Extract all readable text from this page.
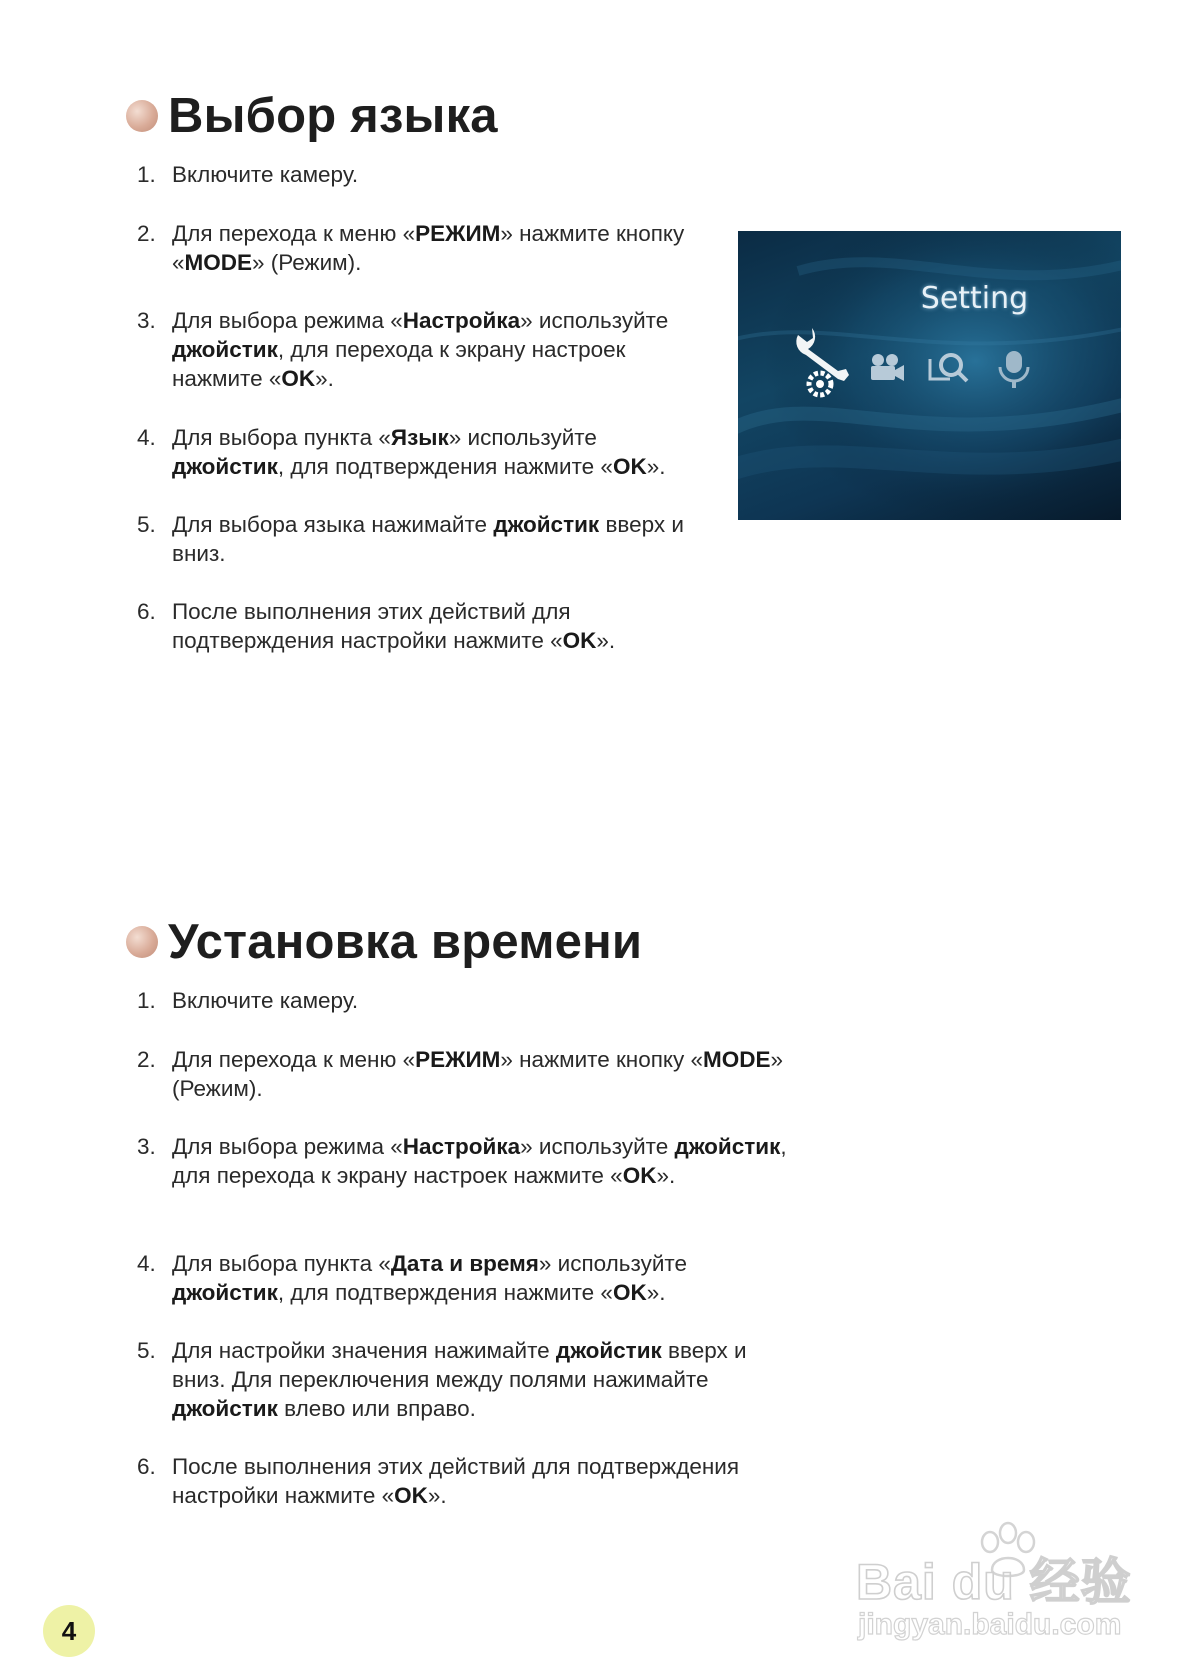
Выбор языка
1. Включите камеру.
2. Для перехода к меню «РЕЖИМ» нажмите кнопку «MODE» (Режим).
3. Для выбора режима «Настройка» используйте джойстик, для перехода к экрану настроек нажмите «OK».
4. Для выбора пункта «Язык» используйте джойстик, для подтверждения нажмите «OK».
5. Для выбора языка нажимайте джойстик вверх и вниз.
6. После выполнения этих действий для подтверждения настройки нажмите «OK».
Setting
Установка времени
1. Включите камеру.
2. Для перехода к меню «РЕЖИМ» нажмите кнопку «MODE» (Режим).
3. Для выбора режима «Настройка» используйте джойстик, для перехода к экрану настроек нажмите «OK».
4. Для выбора пункта «Дата и время» используйте джойстик, для подтверждения нажмите «OK».
5. Для настройки значения нажимайте джойстик вверх и вниз. Для переключения между полями нажимайте джойстик влево или вправо.
6. После выполнения этих действий для подтверждения настройки нажмите «OK».
4
Bai du 经验
jingyan.baidu.com
